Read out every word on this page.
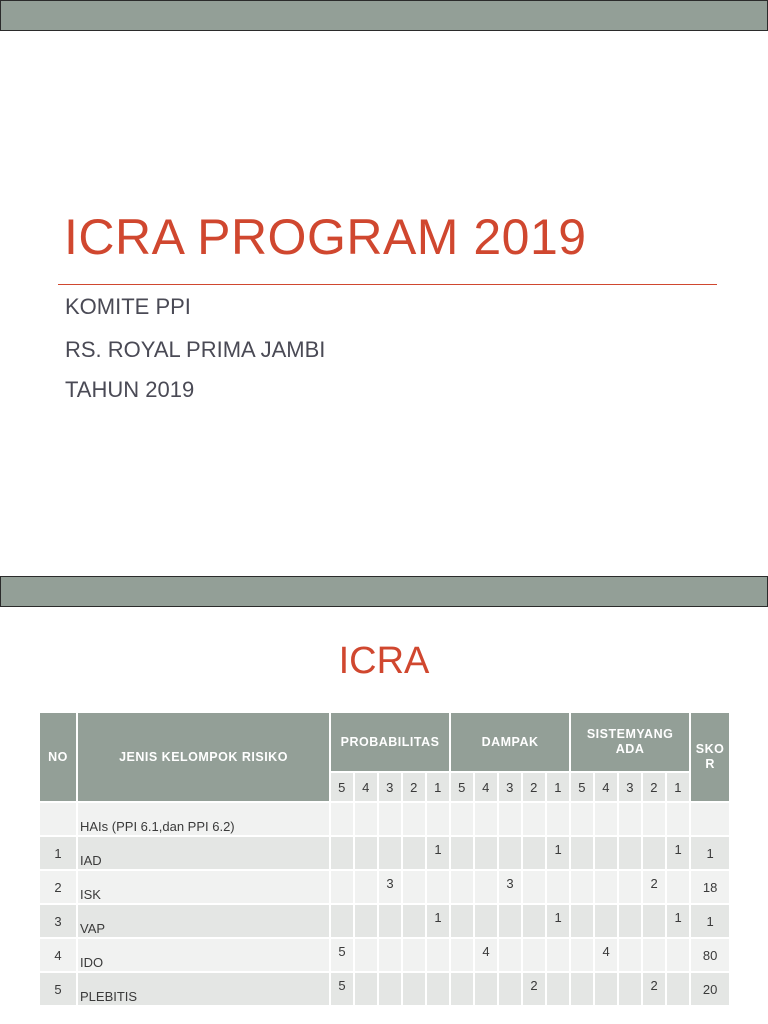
ICRA PROGRAM 2019

KOMITE PPI

RS. ROYAL PRIMA JAMBI

TAHUN 2019

ICRA
NO	JENIS KELOMPOK RISIKO	PROBABILITAS					DAMPAK					SISTEMYANG ADA					SKOR
		5	4	3	2	1	5	4	3	2	1	5	4	3	2	1	
	HAIs (PPI 6.1,dan PPI 6.2)																
1	IAD					1					1					1	1
2	ISK			3					3						2		18
3	VAP					1					1					1	1
4	IDO	5						4					4				80
5	PLEBITIS	5								2					2		20
